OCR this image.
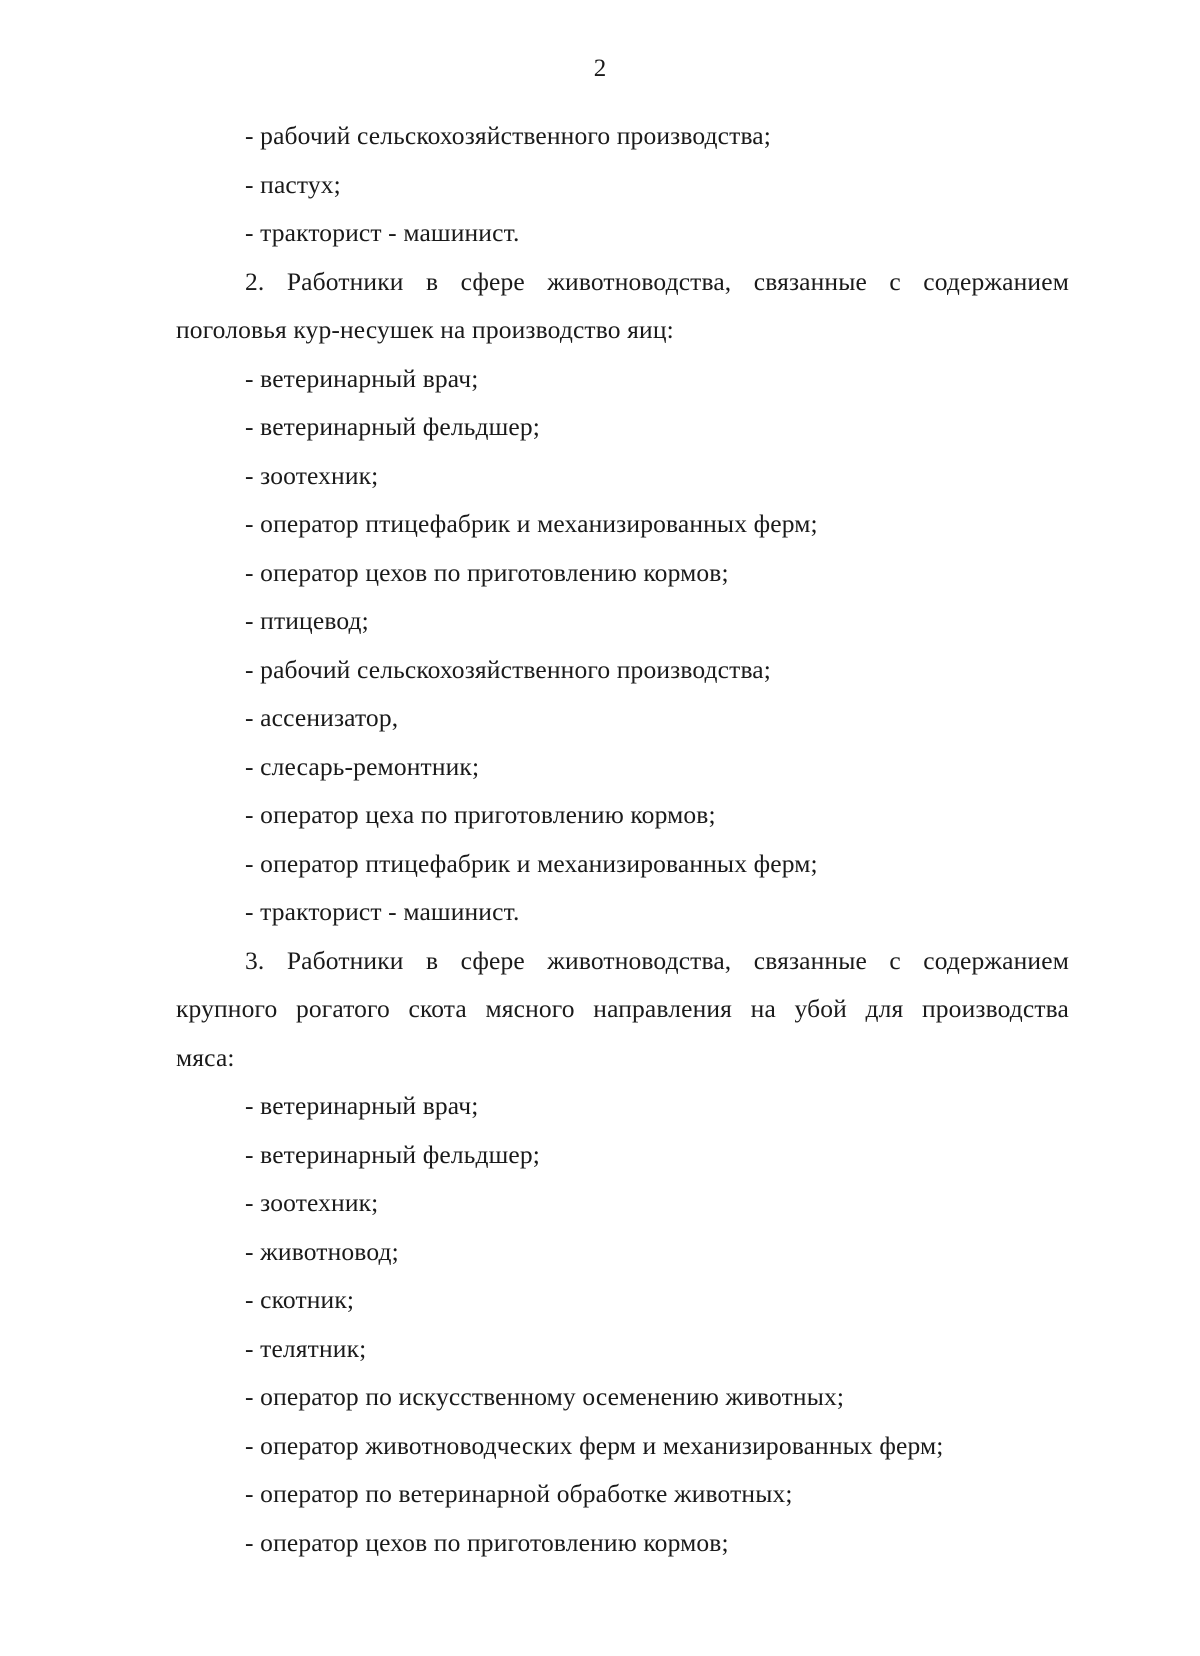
2
- рабочий сельскохозяйственного производства;
- пастух;
- тракторист - машинист.
2. Работники в сфере животноводства, связанные с содержанием
поголовья кур-несушек на производство яиц:
- ветеринарный врач;
- ветеринарный фельдшер;
- зоотехник;
- оператор птицефабрик и механизированных ферм;
- оператор цехов по приготовлению кормов;
- птицевод;
- рабочий сельскохозяйственного производства;
- ассенизатор,
- слесарь-ремонтник;
- оператор цеха по приготовлению кормов;
- оператор птицефабрик и механизированных ферм;
- тракторист - машинист.
3. Работники в сфере животноводства, связанные с содержанием
крупного рогатого скота мясного направления на убой для производства
мяса:
- ветеринарный врач;
- ветеринарный фельдшер;
- зоотехник;
- животновод;
- скотник;
- телятник;
- оператор по искусственному осеменению животных;
- оператор животноводческих ферм и механизированных ферм;
- оператор по ветеринарной обработке животных;
- оператор цехов по приготовлению кормов;
